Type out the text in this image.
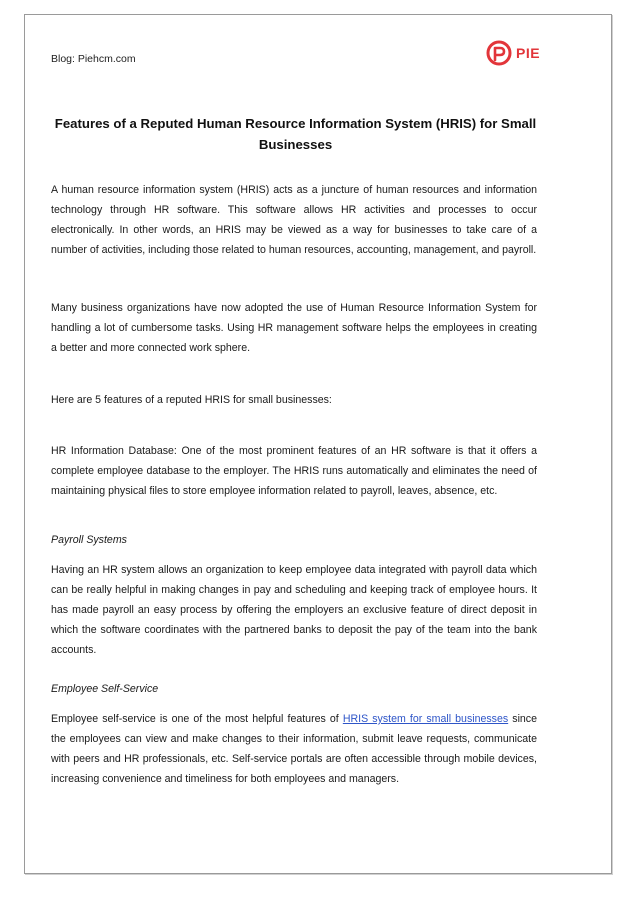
Blog: Piehcm.com	PIE
Features of a Reputed Human Resource Information System (HRIS) for Small Businesses

A human resource information system (HRIS) acts as a juncture of human resources and information technology through HR software. This software allows HR activities and processes to occur electronically. In other words, an HRIS may be viewed as a way for businesses to take care of a number of activities, including those related to human resources, accounting, management, and payroll.

Many business organizations have now adopted the use of Human Resource Information System for handling a lot of cumbersome tasks. Using HR management software helps the employees in creating a better and more connected work sphere.

Here are 5 features of a reputed HRIS for small businesses:

HR Information Database: One of the most prominent features of an HR software is that it offers a complete employee database to the employer. The HRIS runs automatically and eliminates the need of maintaining physical files to store employee information related to payroll, leaves, absence, etc.

Payroll Systems

Having an HR system allows an organization to keep employee data integrated with payroll data which can be really helpful in making changes in pay and scheduling and keeping track of employee hours. It has made payroll an easy process by offering the employers an exclusive feature of direct deposit in which the software coordinates with the partnered banks to deposit the pay of the team into the bank accounts.

Employee Self-Service

Employee self-service is one of the most helpful features of HRIS system for small businesses since the employees can view and make changes to their information, submit leave requests, communicate with peers and HR professionals, etc. Self-service portals are often accessible through mobile devices, increasing convenience and timeliness for both employees and managers.
